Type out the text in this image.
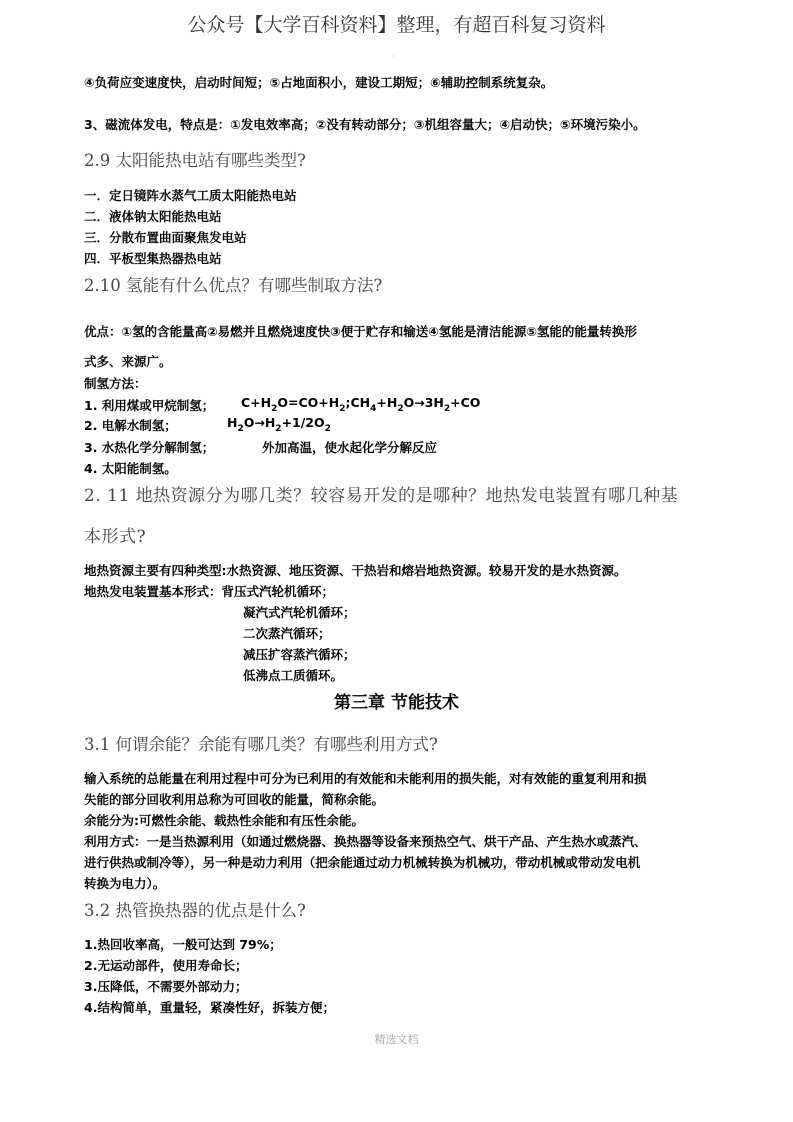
公众号【大学百科资料】整理，有超百科复习资料
·
④负荷应变速度快，启动时间短；⑤占地面积小，建设工期短；⑥辅助控制系统复杂。
3、磁流体发电，特点是：①发电效率高；②没有转动部分；③机组容量大；④启动快；⑤环境污染小。
2.9 太阳能热电站有哪些类型?
一．定日镜阵水蒸气工质太阳能热电站
二．液体钠太阳能热电站
三．分散布置曲面聚焦发电站
四．平板型集热器热电站
2.10 氢能有什么优点？有哪些制取方法?
优点：①氢的含能量高②易燃并且燃烧速度快③便于贮存和输送④氢能是清洁能源⑤氢能的能量转换形
式多、来源广。
制氢方法：
1. 利用煤或甲烷制氢； $C+H_2O=CO+H_2;CH_4+H_2O\to 3H_2+CO$
2. 电解水制氢；	$H_2O\to H_2+1/2O_2$
3. 水热化学分解制氢；	外加高温，使水起化学分解反应
4. 太阳能制氢。
2. 11 地热资源分为哪几类？较容易开发的是哪种？地热发电装置有哪几种基
本形式?
地热资源主要有四种类型:水热资源、地压资源、干热岩和熔岩地热资源。较易开发的是水热资源。
地热发电装置基本形式：背压式汽轮机循环；
凝汽式汽轮机循环；
二次蒸汽循环；
减压扩容蒸汽循环；
低沸点工质循环。
第三章 节能技术
3.1 何谓余能？余能有哪几类？有哪些利用方式?
输入系统的总能量在利用过程中可分为已利用的有效能和未能利用的损失能，对有效能的重复利用和损
失能的部分回收利用总称为可回收的能量，简称余能。
余能分为:可燃性余能、载热性余能和有压性余能。
利用方式：一是当热源利用（如通过燃烧器、换热器等设备来预热空气、烘干产品、产生热水或蒸汽、
进行供热或制冷等），另一种是动力利用（把余能通过动力机械转换为机械功，带动机械或带动发电机
转换为电力）。
3.2 热管换热器的优点是什么?
1.热回收率高，一般可达到 79%；
2.无运动部件，使用寿命长；
3.压降低，不需要外部动力；
4.结构简单，重量轻，紧凑性好，拆装方便；
精选文档
